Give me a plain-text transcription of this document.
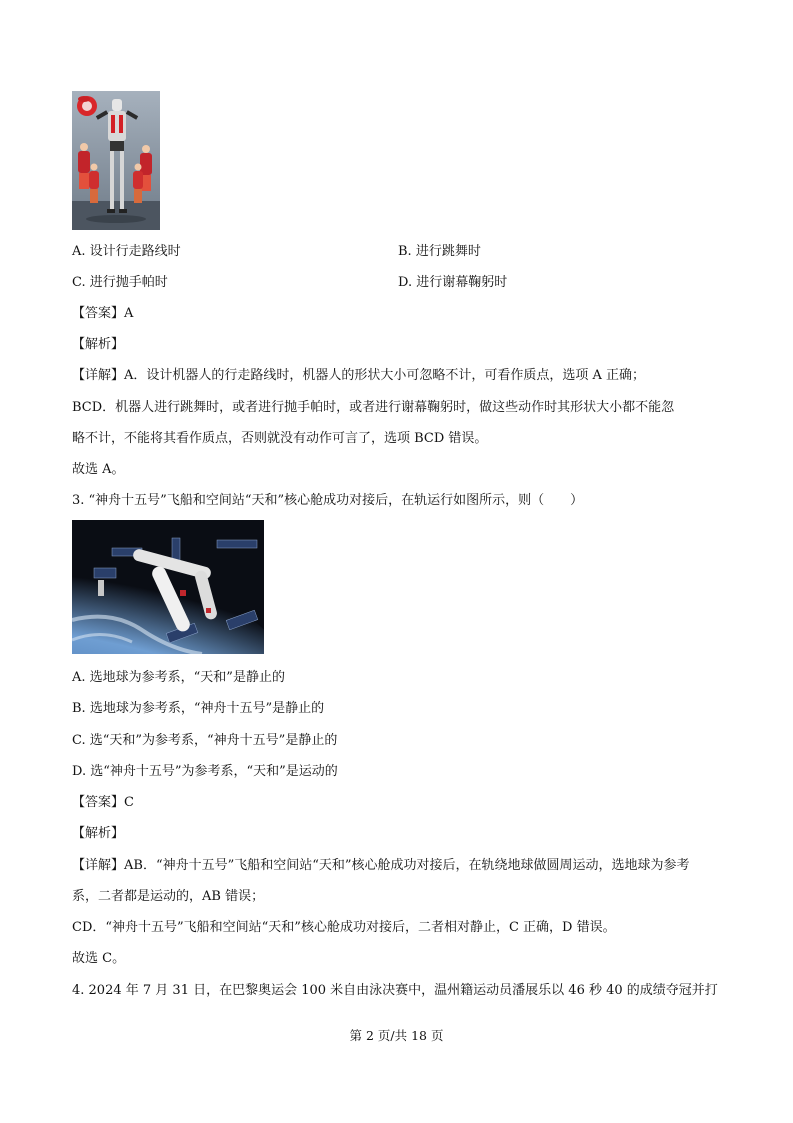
A. 设计行走路线时	B. 进行跳舞时
C. 进行抛手帕时	D. 进行谢幕鞠躬时
【答案】A
【解析】
【详解】A．设计机器人的行走路线时，机器人的形状大小可忽略不计，可看作质点，选项 A 正确；
BCD．机器人进行跳舞时，或者进行抛手帕时，或者进行谢幕鞠躬时，做这些动作时其形状大小都不能忽
略不计，不能将其看作质点，否则就没有动作可言了，选项 BCD 错误。
故选 A。
3. “神舟十五号”飞船和空间站“天和”核心舱成功对接后，在轨运行如图所示，则（　　）
A. 选地球为参考系，“天和”是静止的
B. 选地球为参考系，“神舟十五号”是静止的
C. 选“天和”为参考系，“神舟十五号”是静止的
D. 选“神舟十五号”为参考系，“天和”是运动的
【答案】C
【解析】
【详解】AB．“神舟十五号”飞船和空间站“天和”核心舱成功对接后，在轨绕地球做圆周运动，选地球为参考
系，二者都是运动的，AB 错误；
CD．“神舟十五号”飞船和空间站“天和”核心舱成功对接后，二者相对静止，C 正确，D 错误。
故选 C。
4. 2024 年 7 月 31 日，在巴黎奥运会 100 米自由泳决赛中，温州籍运动员潘展乐以 46 秒 40 的成绩夺冠并打
第 2 页/共 18 页
